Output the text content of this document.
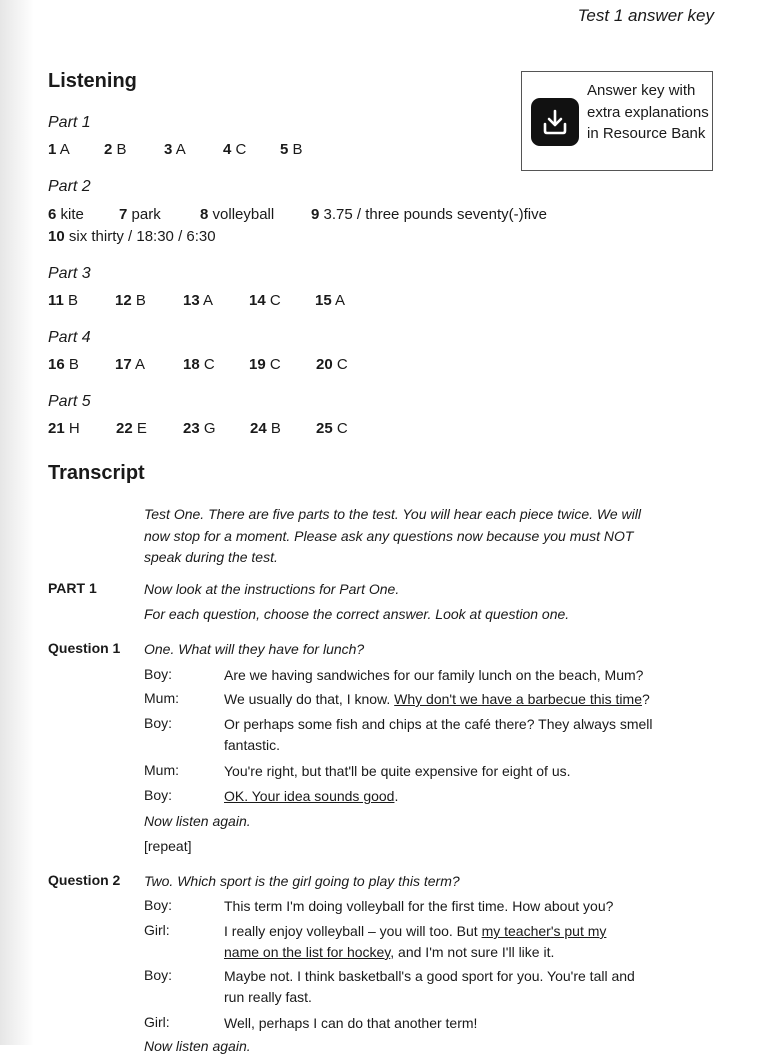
Test 1 answer key
Listening	Answer key with extra explanations in Resource Bank
Part 1
Part 2
Part 3
Part 4
Part 5
1 A 2 B 3 A 4 C 5 B
6 kite 7 park	8 volleyball 9 3.75 / three pounds seventy(-)five
10 six thirty / 18:30 / 6:30
11 B 12 B 13 A 14 C 15 A
16 B 17 A	18 C 19 C 20 C
21 H 22 E 23 G 24 B 25 C
Transcript
Test One. There are five parts to the test. You will hear each piece twice. We will now stop for a moment. Please ask any questions now because you must NOT speak during the test.
PART 1	Now look at the instructions for Part One.
For each question, choose the correct answer. Look at question one.
Question 1 One. What will they have for lunch?
Boy:	Are we having sandwiches for our family lunch on the beach, Mum?
Mum:	We usually do that, I know. Why don't we have a barbecue this time?
Boy:	Or perhaps some fish and chips at the café there? They always smell fantastic.
Mum:	You're right, but that'll be quite expensive for eight of us.
Boy:	OK. Your idea sounds good.
Now listen again.
[repeat]
Question 2 Two. Which sport is the girl going to play this term?
Boy:	This term I'm doing volleyball for the first time. How about you?
Girl:	I really enjoy volleyball – you will too. But my teacher's put my name on the list for hockey, and I'm not sure I'll like it.
Boy:	Maybe not. I think basketball's a good sport for you. You're tall and run really fast.
Girl:	Well, perhaps I can do that another term!
Now listen again.
